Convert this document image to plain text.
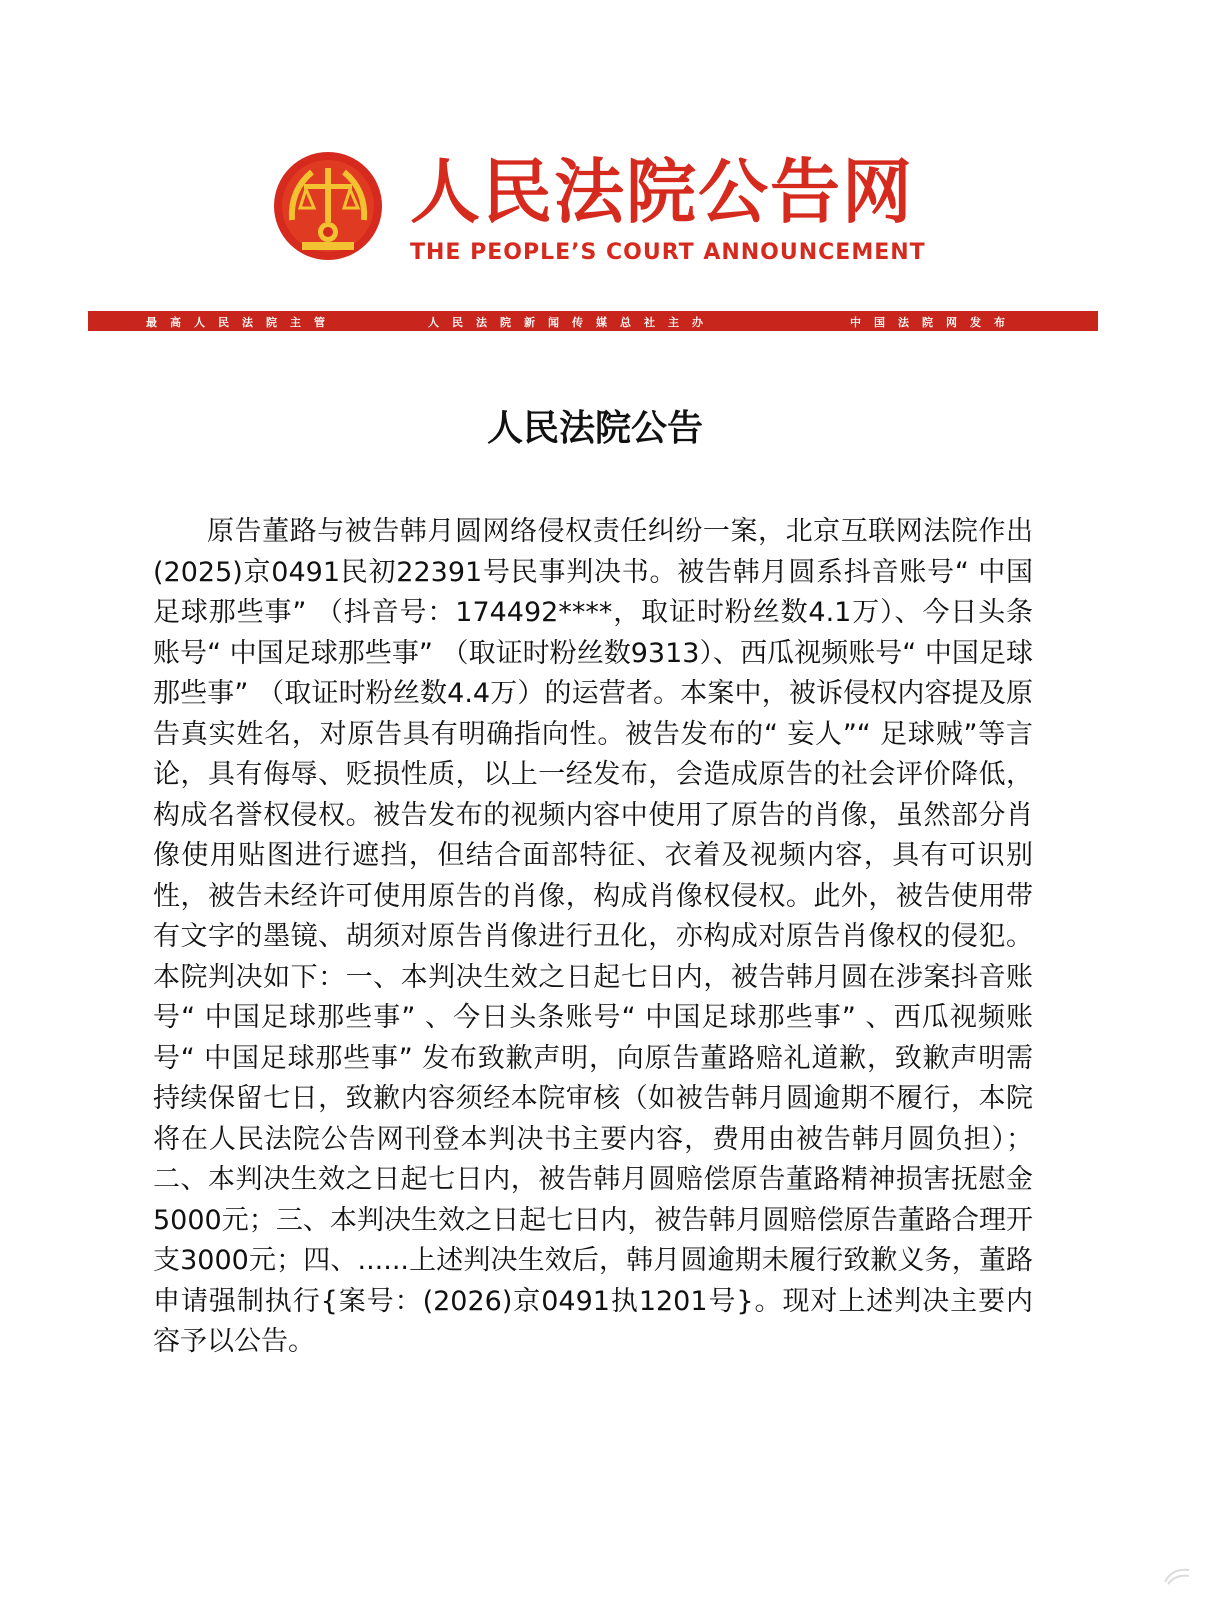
人民法院公告网
THE PEOPLE’S COURT ANNOUNCEMENT
最高人民法院主管	人民法院新闻传媒总社主办	中国法院网发布
人民法院公告
原告董路与被告韩月圆网络侵权责任纠纷一案，北京互联网法院作出(2025)京0491民初22391号民事判决书。被告韩月圆系抖音账号“ 中国足球那些事” （抖音号：174492****，取证时粉丝数4.1万）、今日头条账号“ 中国足球那些事” （取证时粉丝数9313）、西瓜视频账号“ 中国足球那些事” （取证时粉丝数4.4万）的运营者。本案中，被诉侵权内容提及原告真实姓名，对原告具有明确指向性。被告发布的“ 妄人”“ 足球贼”等言论，具有侮辱、贬损性质，以上一经发布，会造成原告的社会评价降低，构成名誉权侵权。被告发布的视频内容中使用了原告的肖像，虽然部分肖像使用贴图进行遮挡，但结合面部特征、衣着及视频内容，具有可识别性，被告未经许可使用原告的肖像，构成肖像权侵权。此外，被告使用带有文字的墨镜、胡须对原告肖像进行丑化，亦构成对原告肖像权的侵犯。本院判决如下：一、本判决生效之日起七日内，被告韩月圆在涉案抖音账号“ 中国足球那些事” 、今日头条账号“ 中国足球那些事” 、西瓜视频账号“ 中国足球那些事” 发布致歉声明，向原告董路赔礼道歉，致歉声明需持续保留七日，致歉内容须经本院审核（如被告韩月圆逾期不履行，本院将在人民法院公告网刊登本判决书主要内容，费用由被告韩月圆负担）；二、本判决生效之日起七日内，被告韩月圆赔偿原告董路精神损害抚慰金5000元；三、本判决生效之日起七日内，被告韩月圆赔偿原告董路合理开支3000元；四、......上述判决生效后，韩月圆逾期未履行致歉义务，董路申请强制执行{案号：(2026)京0491执1201号}。现对上述判决主要内容予以公告。
